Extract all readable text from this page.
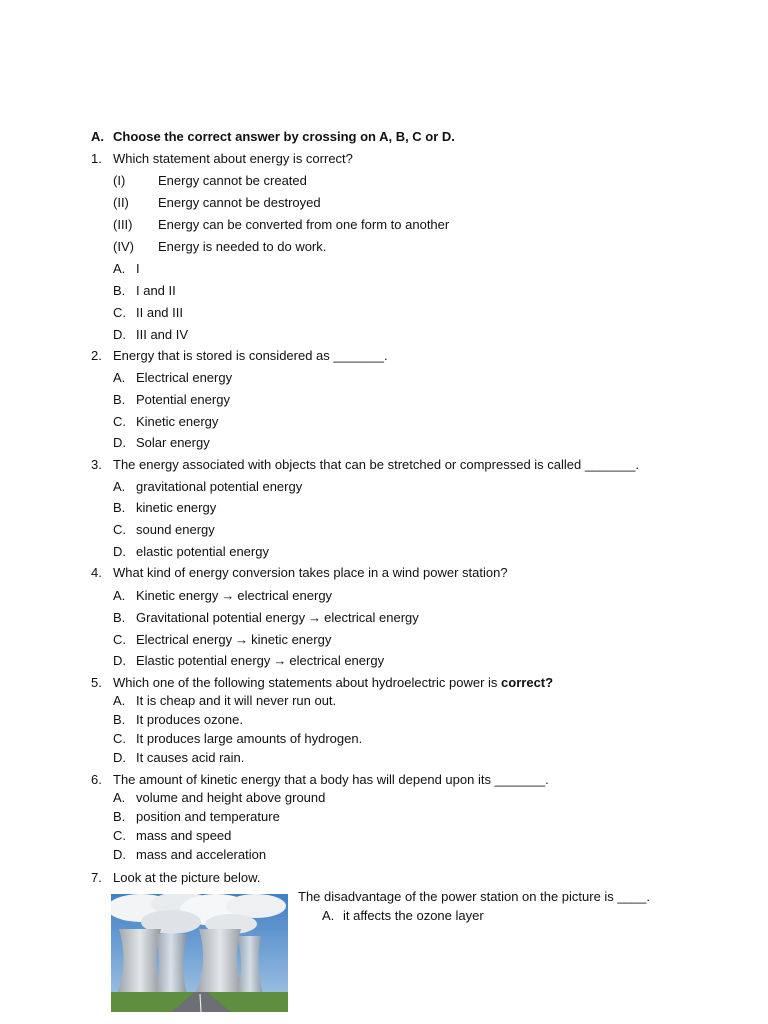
A. Choose the correct answer by crossing on A, B, C or D.
1. Which statement about energy is correct?
(I)	Energy cannot be created
(II) Energy cannot be destroyed
(III) Energy can be converted from one form to another
(IV) Energy is needed to do work.
A. I
B. I and II
C. II and III
D. III and IV
2. Energy that is stored is considered as _______.
A. Electrical energy
B. Potential energy
C. Kinetic energy
D. Solar energy
3. The energy associated with objects that can be stretched or compressed is called _______.
A. gravitational potential energy
B. kinetic energy
C. sound energy
D. elastic potential energy
4. What kind of energy conversion takes place in a wind power station?
A. Kinetic energy → electrical energy
B. Gravitational potential energy → electrical energy
C. Electrical energy → kinetic energy
D. Elastic potential energy → electrical energy
5. Which one of the following statements about hydroelectric power is correct?
A. It is cheap and it will never run out.
B. It produces ozone.
C. It produces large amounts of hydrogen.
D. It causes acid rain.
6. The amount of kinetic energy that a body has will depend upon its _______.
A. volume and height above ground
B. position and temperature
C. mass and speed
D. mass and acceleration
7. Look at the picture below.
The disadvantage of the power station on the picture is ____.
A. it affects the ozone layer
